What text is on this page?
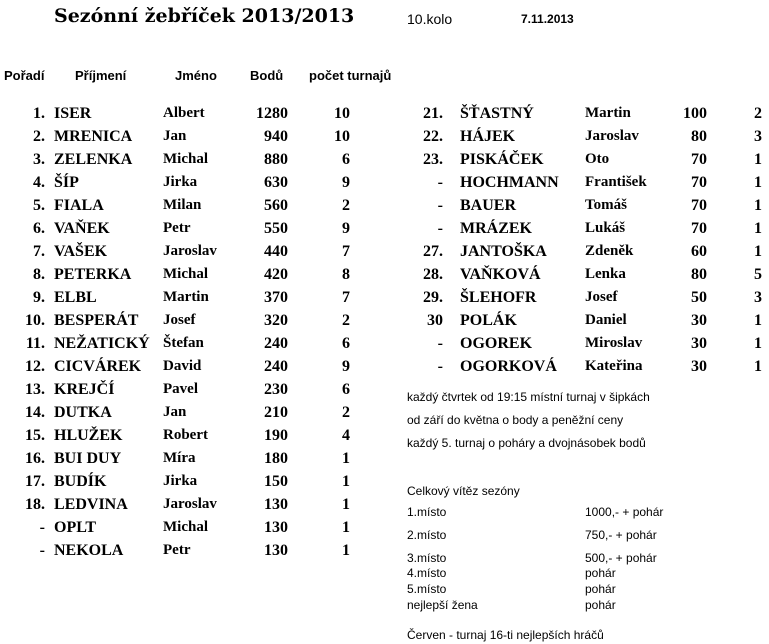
Sezónní žebříček 2013/2013	10.kolo	7.11.2013
Pořadí Příjmení	Jméno	Bodů počet turnajů
1. ISER	Albert	1280	10
2. MRENICA Jan	940	10
3. ZELENKA Michal	880	6
4. ŠÍP	Jirka	630	9
5. FIALA	Milan	560	2
6. VAŇEK	Petr	550	9
7. VAŠEK	Jaroslav	440	7
8. PETERKA Michal	420	8
9. ELBL	Martin	370	7
10. BESPERÁT Josef	320	2
11. NEŽATICKÝ Štefan	240	6
12. CICVÁREK David	240	9
13. KREJČÍ	Pavel	230	6
14. DUTKA	Jan	210	2
15. HLUŽEK	Robert	190	4
16. BUI DUY	Míra	180	1
17. BUDÍK	Jirka	150	1
18. LEDVINA Jaroslav	130	1
- OPLT	Michal	130	1
- NEKOLA	Petr	130	1
21. ŠŤASTNÝ	Martin	100	2
22. HÁJEK	Jaroslav	80	3
23. PISKÁČEK	Oto	70	1
- HOCHMANN František	70	1
- BAUER	Tomáš	70	1
- MRÁZEK	Lukáš	70	1
27. JANTOŠKA	Zdeněk	60	1
28. VAŇKOVÁ	Lenka	80	5
29. ŠLEHOFR	Josef	50	3
30 POLÁK	Daniel	30	1
- OGOREK	Miroslav	30	1
- OGORKOVÁ Kateřina	30	1
každý čtvrtek od 19:15 místní turnaj v šipkách
od září do května o body a peněžní ceny
každý 5. turnaj o poháry a dvojnásobek bodů
Celkový vítěz sezóny
1.místo	1000,- + pohár
2.místo	750,- + pohár
3.místo	500,- + pohár
4.místo	pohár
5.místo	pohár
nejlepší žena	pohár
Červen - turnaj 16-ti nejlepších hráčů
